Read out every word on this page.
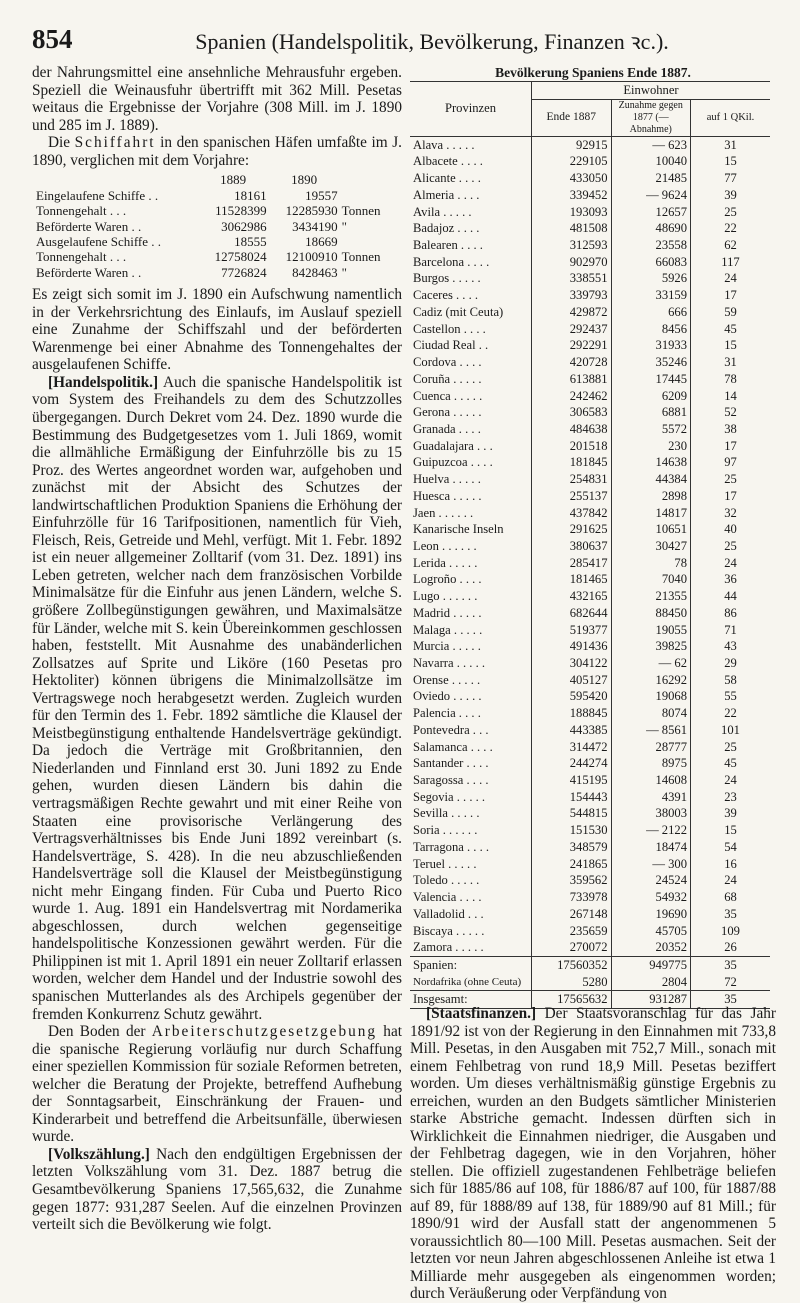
854	Spanien (Handelspolitik, Bevölkerung, Finanzen ꝛc.).

der Nahrungsmittel eine ansehnliche Mehrausfuhr ergeben. Speziell die Weinausfuhr übertrifft mit 362 Mill. Pesetas weitaus die Ergebnisse der Vorjahre (308 Mill. im J. 1890 und 285 im J. 1889).

Die Schiffahrt in den spanischen Häfen umfaßte im J. 1890, verglichen mit dem Vorjahre:

	1889	1890	
Eingelaufene Schiffe . .	18161	19557	
Tonnengehalt . . .	11528399	12285930	Tonnen
Beförderte Waren . .	3062986	3434190	"
Ausgelaufene Schiffe . .	18555	18669	
Tonnengehalt . . .	12758024	12100910	Tonnen
Beförderte Waren . .	7726824	8428463	"

Es zeigt sich somit im J. 1890 ein Aufschwung namentlich in der Verkehrsrichtung des Einlaufs, im Auslauf speziell eine Zunahme der Schiffszahl und der beförderten Warenmenge bei einer Abnahme des Tonnengehaltes der ausgelaufenen Schiffe.

[Handelspolitik.] Auch die spanische Handelspolitik ist vom System des Freihandels zu dem des Schutzzolles übergegangen. Durch Dekret vom 24. Dez. 1890 wurde die Bestimmung des Budgetgesetzes vom 1. Juli 1869, womit die allmähliche Ermäßigung der Einfuhrzölle bis zu 15 Proz. des Wertes angeordnet worden war, aufgehoben und zunächst mit der Absicht des Schutzes der landwirtschaftlichen Produktion Spaniens die Erhöhung der Einfuhrzölle für 16 Tarifpositionen, namentlich für Vieh, Fleisch, Reis, Getreide und Mehl, verfügt. Mit 1. Febr. 1892 ist ein neuer allgemeiner Zolltarif (vom 31. Dez. 1891) ins Leben getreten, welcher nach dem französischen Vorbilde Minimalsätze für die Einfuhr aus jenen Ländern, welche S. größere Zollbegünstigungen gewähren, und Maximalsätze für Länder, welche mit S. kein Übereinkommen geschlossen haben, feststellt. Mit Ausnahme des unabänderlichen Zollsatzes auf Sprite und Liköre (160 Pesetas pro Hektoliter) können übrigens die Minimalzollsätze im Vertragswege noch herabgesetzt werden. Zugleich wurden für den Termin des 1. Febr. 1892 sämtliche die Klausel der Meistbegünstigung enthaltende Handelsverträge gekündigt. Da jedoch die Verträge mit Großbritannien, den Niederlanden und Finnland erst 30. Juni 1892 zu Ende gehen, wurden diesen Ländern bis dahin die vertragsmäßigen Rechte gewahrt und mit einer Reihe von Staaten eine provisorische Verlängerung des Vertragsverhältnisses bis Ende Juni 1892 vereinbart (s. Handelsverträge, S. 428). In die neu abzuschließenden Handelsverträge soll die Klausel der Meistbegünstigung nicht mehr Eingang finden. Für Cuba und Puerto Rico wurde 1. Aug. 1891 ein Handelsvertrag mit Nordamerika abgeschlossen, durch welchen gegenseitige handelspolitische Konzessionen gewährt werden. Für die Philippinen ist mit 1. April 1891 ein neuer Zolltarif erlassen worden, welcher dem Handel und der Industrie sowohl des spanischen Mutterlandes als des Archipels gegenüber der fremden Konkurrenz Schutz gewährt.

Den Boden der Arbeiterschutzgesetzgebung hat die spanische Regierung vorläufig nur durch Schaffung einer speziellen Kommission für soziale Reformen betreten, welcher die Beratung der Projekte, betreffend Aufhebung der Sonntagsarbeit, Einschränkung der Frauen- und Kinderarbeit und betreffend die Arbeitsunfälle, überwiesen wurde.

[Volkszählung.] Nach den endgültigen Ergebnissen der letzten Volkszählung vom 31. Dez. 1887 betrug die Gesamtbevölkerung Spaniens 17,565,632, die Zunahme gegen 1877: 931,287 Seelen. Auf die einzelnen Provinzen verteilt sich die Bevölkerung wie folgt.

Bevölkerung Spaniens Ende 1887.
Provinzen	Einwohner		
	Ende 1887	Zunahme gegen 1877 (— Abnahme)	auf 1 QKil.
Alava . . . . .	92915	— 623	31
Albacete . . . .	229105	10040	15
Alicante . . . .	433050	21485	77
Almeria . . . .	339452	— 9624	39
Avila . . . . .	193093	12657	25
Badajoz . . . .	481508	48690	22
Balearen . . . .	312593	23558	62
Barcelona . . . .	902970	66083	117
Burgos . . . . .	338551	5926	24
Caceres . . . .	339793	33159	17
Cadiz (mit Ceuta)	429872	666	59
Castellon . . . .	292437	8456	45
Ciudad Real . .	292291	31933	15
Cordova . . . .	420728	35246	31
Coruña . . . . .	613881	17445	78
Cuenca . . . . .	242462	6209	14
Gerona . . . . .	306583	6881	52
Granada . . . .	484638	5572	38
Guadalajara . . .	201518	230	17
Guipuzcoa . . . .	181845	14638	97
Huelva . . . . .	254831	44384	25
Huesca . . . . .	255137	2898	17
Jaen . . . . . .	437842	14817	32
Kanarische Inseln	291625	10651	40
Leon . . . . . .	380637	30427	25
Lerida . . . . .	285417	78	24
Logroño . . . .	181465	7040	36
Lugo . . . . . .	432165	21355	44
Madrid . . . . .	682644	88450	86
Malaga . . . . .	519377	19055	71
Murcia . . . . .	491436	39825	43
Navarra . . . . .	304122	— 62	29
Orense . . . . .	405127	16292	58
Oviedo . . . . .	595420	19068	55
Palencia . . . .	188845	8074	22
Pontevedra . . .	443385	— 8561	101
Salamanca . . . .	314472	28777	25
Santander . . . .	244274	8975	45
Saragossa . . . .	415195	14608	24
Segovia . . . . .	154443	4391	23
Sevilla . . . . .	544815	38003	39
Soria . . . . . .	151530	— 2122	15
Tarragona . . . .	348579	18474	54
Teruel . . . . .	241865	— 300	16
Toledo . . . . .	359562	24524	24
Valencia . . . .	733978	54932	68
Valladolid . . .	267148	19690	35
Biscaya . . . . .	235659	45705	109
Zamora . . . . .	270072	20352	26
Spanien:	17560352	949775	35
Nordafrika (ohne Ceuta)	5280	2804	72
Insgesamt:	17565632	931287	35

[Staatsfinanzen.] Der Staatsvoranschlag für das Jahr 1891/92 ist von der Regierung in den Einnahmen mit 733,8 Mill. Pesetas, in den Ausgaben mit 752,7 Mill., sonach mit einem Fehlbetrag von rund 18,9 Mill. Pesetas beziffert worden. Um dieses verhältnismäßig günstige Ergebnis zu erreichen, wurden an den Budgets sämtlicher Ministerien starke Abstriche gemacht. Indessen dürften sich in Wirklichkeit die Einnahmen niedriger, die Ausgaben und der Fehlbetrag dagegen, wie in den Vorjahren, höher stellen. Die offiziell zugestandenen Fehlbeträge beliefen sich für 1885/86 auf 108, für 1886/87 auf 100, für 1887/88 auf 89, für 1888/89 auf 138, für 1889/90 auf 81 Mill.; für 1890/91 wird der Ausfall statt der angenommenen 5 voraussichtlich 80—100 Mill. Pesetas ausmachen. Seit der letzten vor neun Jahren abgeschlossenen Anleihe ist etwa 1 Milliarde mehr ausgegeben als eingenommen worden; durch Veräußerung oder Verpfändung von
